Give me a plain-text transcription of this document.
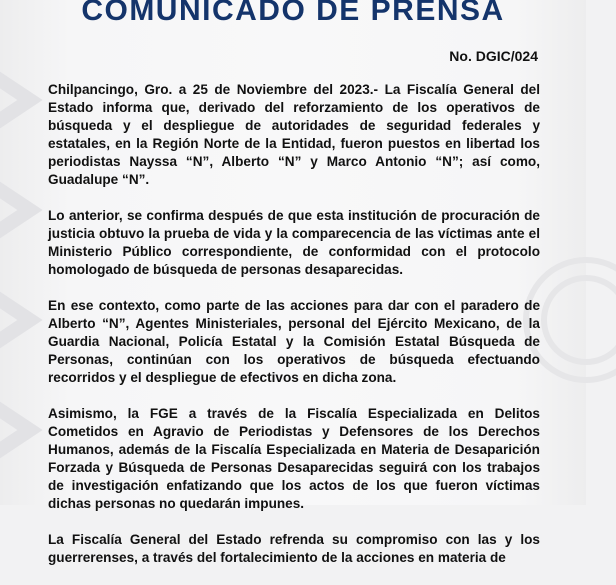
COMUNICADO DE PRENSA
No. DGIC/024

Chilpancingo, Gro. a 25 de Noviembre del 2023.- La Fiscalía General del Estado informa que, derivado del reforzamiento de los operativos de búsqueda y el despliegue de autoridades de seguridad federales y estatales, en la Región Norte de la Entidad, fueron puestos en libertad los periodistas Nayssa “N”, Alberto “N” y Marco Antonio “N”; así como, Guadalupe “N”.

Lo anterior, se confirma después de que esta institución de procuración de justicia obtuvo la prueba de vida y la comparecencia de las víctimas ante el Ministerio Público correspondiente, de conformidad con el protocolo homologado de búsqueda de personas desaparecidas.

En ese contexto, como parte de las acciones para dar con el paradero de Alberto “N”, Agentes Ministeriales, personal del Ejército Mexicano, de la Guardia Nacional, Policía Estatal y la Comisión Estatal Búsqueda de Personas, continúan con los operativos de búsqueda efectuando recorridos y el despliegue de efectivos en dicha zona.

Asimismo, la FGE a través de la Fiscalía Especializada en Delitos Cometidos en Agravio de Periodistas y Defensores de los Derechos Humanos, además de la Fiscalía Especializada en Materia de Desaparición Forzada y Búsqueda de Personas Desaparecidas seguirá con los trabajos de investigación enfatizando que los actos de los que fueron víctimas dichas personas no quedarán impunes.

La Fiscalía General del Estado refrenda su compromiso con las y los guerrerenses, a través del fortalecimiento de la acciones en materia de
